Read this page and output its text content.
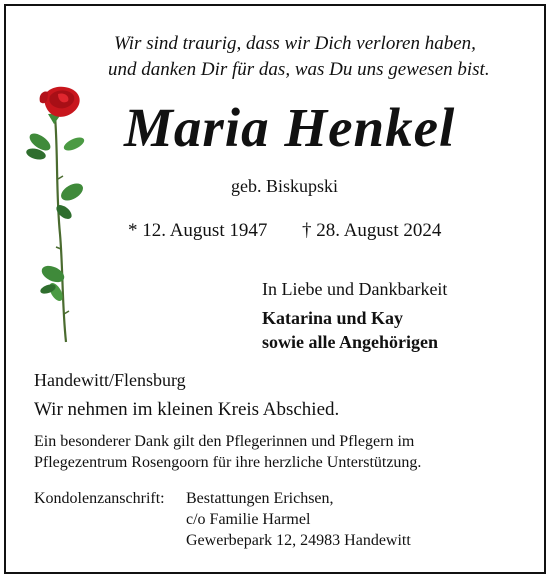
Wir sind traurig, dass wir Dich verloren haben,

und danken Dir für das, was Du uns gewesen bist.

Maria Henkel

geb. Biskupski

* 12. August 1947 † 28. August 2024

In Liebe und Dankbarkeit

Katarina und Kay

sowie alle Angehörigen

Handewitt/Flensburg

Wir nehmen im kleinen Kreis Abschied.

Ein besonderer Dank gilt den Pflegerinnen und Pflegern im

Pflegezentrum Rosengoorn für ihre herzliche Unterstützung.

Kondolenzanschrift: Bestattungen Erichsen,

c/o Familie Harmel

Gewerbepark 12, 24983 Handewitt
